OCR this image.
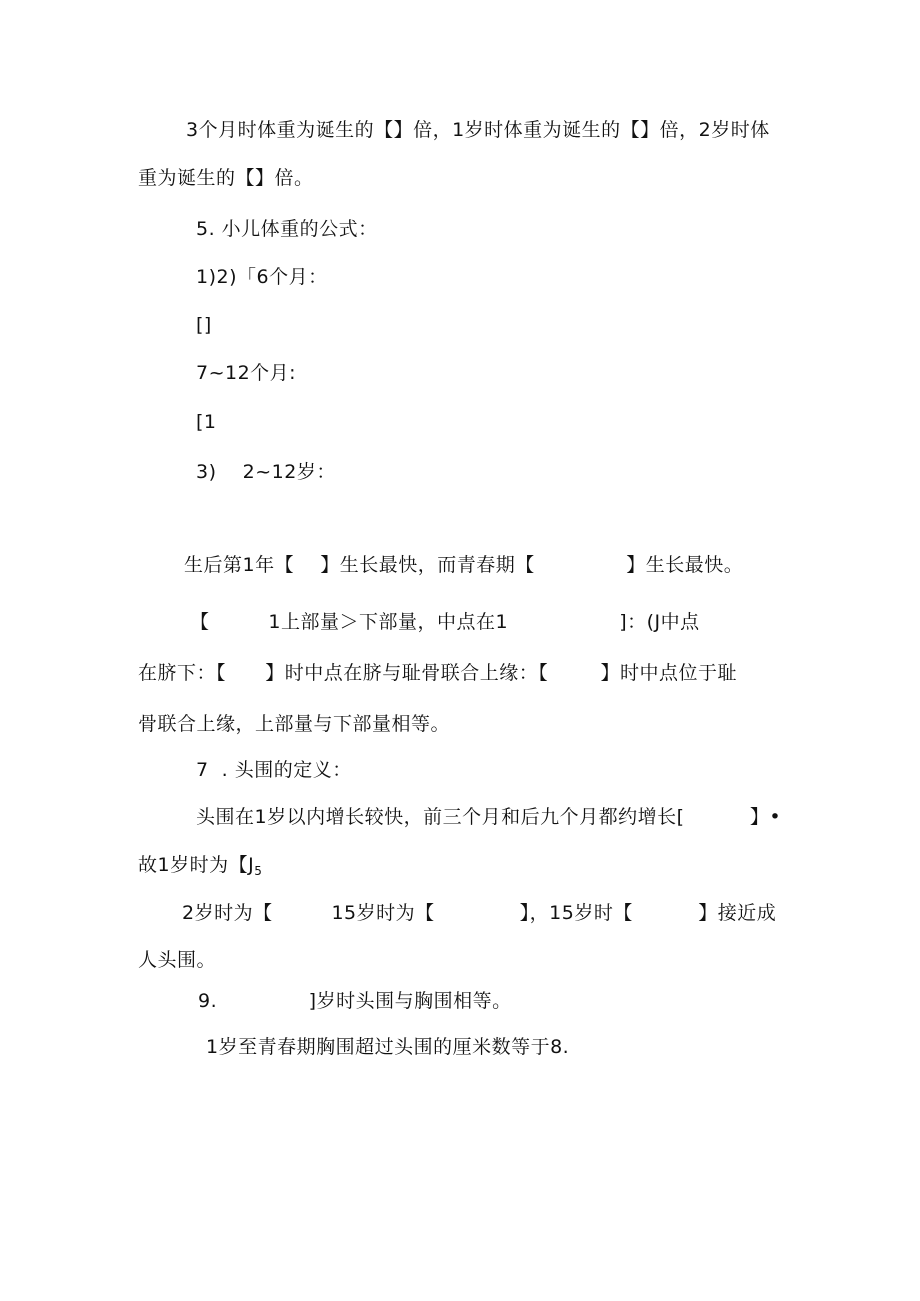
3个月时体重为诞生的【】倍，1岁时体重为诞生的【】倍，2岁时体
重为诞生的【】倍。
5. 小儿体重的公式：
1)2)「6个月：
[]
7~12个月:
[1
3)    2~12岁：
生后第1年【    】生长最快，而青春期【              】生长最快。
【         1上部量＞下部量，中点在1                 ]：(J中点
在脐下：【      】时中点在脐与耻骨联合上缘：【        】时中点位于耻
骨联合上缘，上部量与下部量相等。
7  . 头围的定义：
头围在1岁以内增长较快，前三个月和后九个月都约增长[          】•
故1岁时为【$J_5$
2岁时为【         15岁时为【             】，15岁时【          】接近成
人头围。
9.              ]岁时头围与胸围相等。
1岁至青春期胸围超过头围的厘米数等于8.
